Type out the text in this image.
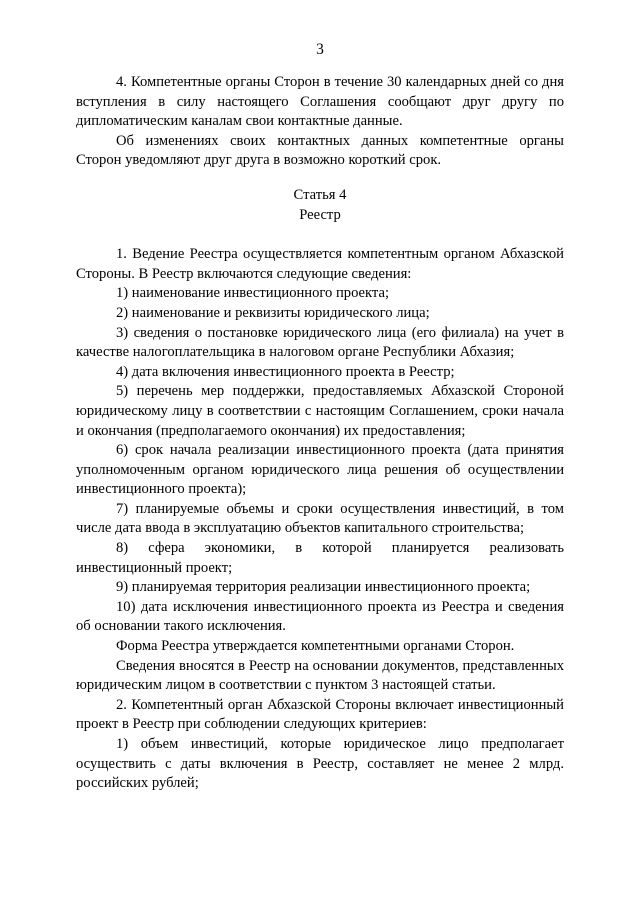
3

4. Компетентные органы Сторон в течение 30 календарных дней со дня вступления в силу настоящего Соглашения сообщают друг другу по дипломатическим каналам свои контактные данные.

Об изменениях своих контактных данных компетентные органы Сторон уведомляют друг друга в возможно короткий срок.

Статья 4
Реестр

1. Ведение Реестра осуществляется компетентным органом Абхазской Стороны. В Реестр включаются следующие сведения:

1) наименование инвестиционного проекта;

2) наименование и реквизиты юридического лица;

3) сведения о постановке юридического лица (его филиала) на учет в качестве налогоплательщика в налоговом органе Республики Абхазия;

4) дата включения инвестиционного проекта в Реестр;

5) перечень мер поддержки, предоставляемых Абхазской Стороной юридическому лицу в соответствии с настоящим Соглашением, сроки начала и окончания (предполагаемого окончания) их предоставления;

6) срок начала реализации инвестиционного проекта (дата принятия уполномоченным органом юридического лица решения об осуществлении инвестиционного проекта);

7) планируемые объемы и сроки осуществления инвестиций, в том числе дата ввода в эксплуатацию объектов капитального строительства;

8) сфера экономики, в которой планируется реализовать инвестиционный проект;

9) планируемая территория реализации инвестиционного проекта;

10) дата исключения инвестиционного проекта из Реестра и сведения об основании такого исключения.

Форма Реестра утверждается компетентными органами Сторон.

Сведения вносятся в Реестр на основании документов, представленных юридическим лицом в соответствии с пунктом 3 настоящей статьи.

2. Компетентный орган Абхазской Стороны включает инвестиционный проект в Реестр при соблюдении следующих критериев:

1) объем инвестиций, которые юридическое лицо предполагает осуществить с даты включения в Реестр, составляет не менее 2 млрд. российских рублей;
